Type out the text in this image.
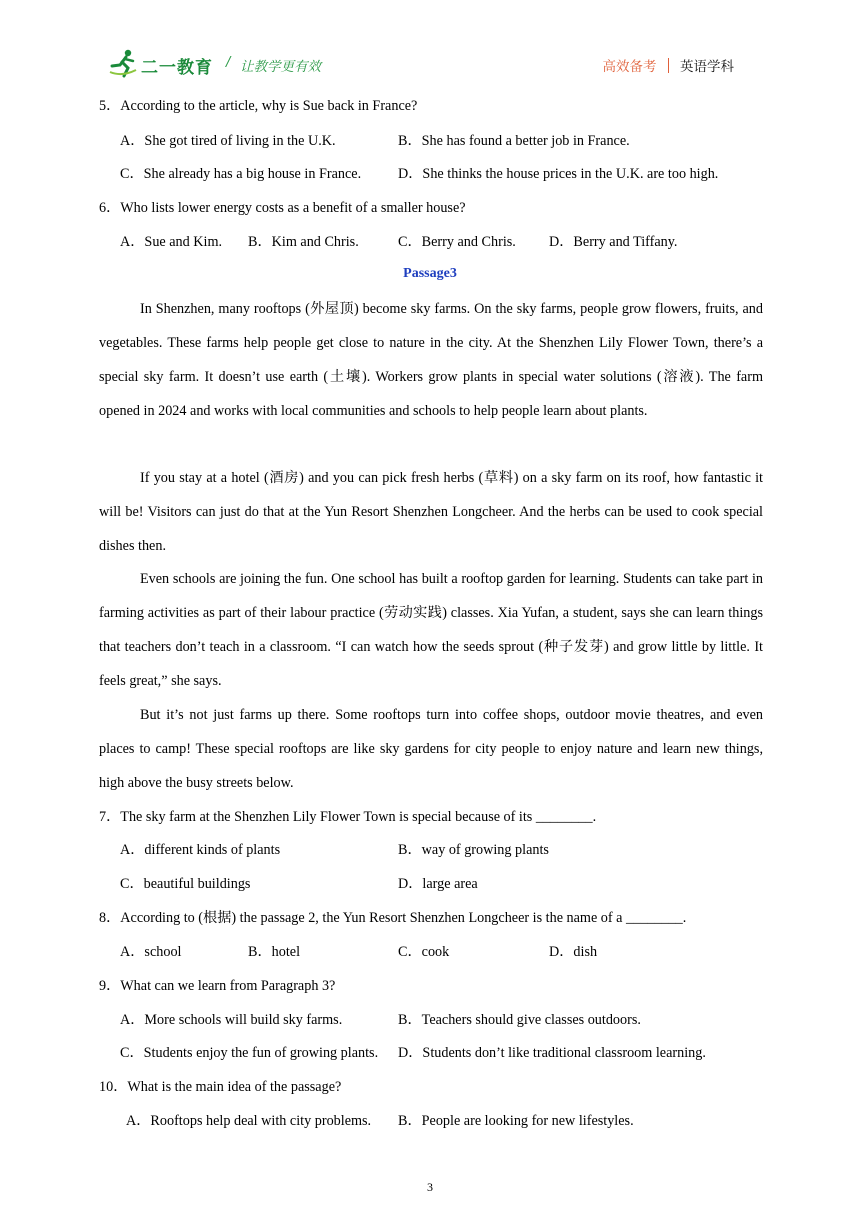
二一教育 / 让教学更有效	高效备考 英语学科
5．According to the article, why is Sue back in France?
A．She got tired of living in the U.K.	B．She has found a better job in France.
C．She already has a big house in France.	D．She thinks the house prices in the U.K. are too high.
6．Who lists lower energy costs as a benefit of a smaller house?
A．Sue and Kim. B．Kim and Chris.	C．Berry and Chris. D．Berry and Tiffany.
Passage3

In Shenzhen, many rooftops (外屋顶) become sky farms. On the sky farms, people grow flowers, fruits, and vegetables. These farms help people get close to nature in the city. At the Shenzhen Lily Flower Town, there’s a special sky farm. It doesn’t use earth (土壤). Workers grow plants in special water solutions (溶液). The farm opened in 2024 and works with local communities and schools to help people learn about plants.

If you stay at a hotel (酒房) and you can pick fresh herbs (草料) on a sky farm on its roof, how fantastic it will be! Visitors can just do that at the Yun Resort Shenzhen Longcheer. And the herbs can be used to cook special dishes then.

Even schools are joining the fun. One school has built a rooftop garden for learning. Students can take part in farming activities as part of their labour practice (劳动实践) classes. Xia Yufan, a student, says she can learn things that teachers don’t teach in a classroom. “I can watch how the seeds sprout (种子发芽) and grow little by little. It feels great,” she says.

But it’s not just farms up there. Some rooftops turn into coffee shops, outdoor movie theatres, and even places to camp! These special rooftops are like sky gardens for city people to enjoy nature and learn new things, high above the busy streets below.

7．The sky farm at the Shenzhen Lily Flower Town is special because of its ________.
A．different kinds of plants	B．way of growing plants
C．beautiful buildings	D．large area
8．According to (根据) the passage 2, the Yun Resort Shenzhen Longcheer is the name of a ________.
A．school	B．hotel	C．cook	D．dish
9．What can we learn from Paragraph 3?
A．More schools will build sky farms.	B．Teachers should give classes outdoors.
C．Students enjoy the fun of growing plants. D．Students don’t like traditional classroom learning.
10．What is the main idea of the passage?
A．Rooftops help deal with city problems. B．People are looking for new lifestyles.
3
